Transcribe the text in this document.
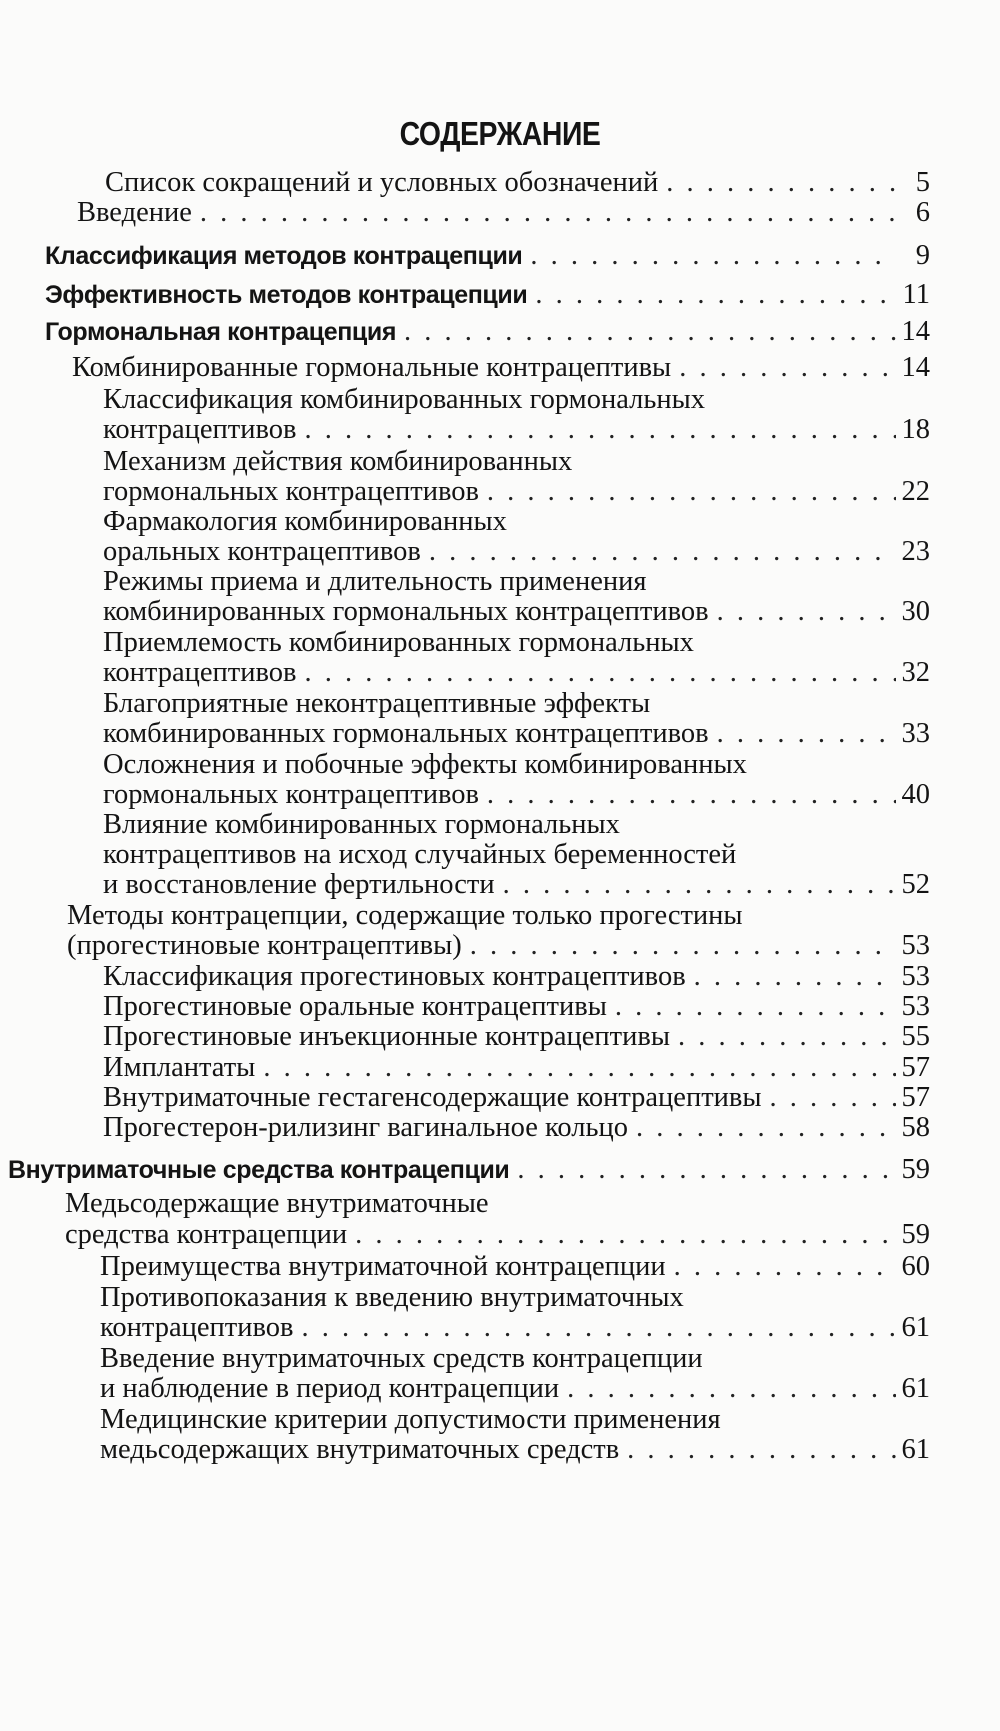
СОДЕРЖАНИЕ
Список сокращений и условных обозначений . . .	5
Введение . . .	6
Классификация методов контрацепции . . .	9
Эффективность методов контрацепции . . .	11
Гормональная контрацепция . . .	14
Комбинированные гормональные контрацептивы . . .	14
Классификация комбинированных гормональных
контрацептивов . . .	18
Механизм действия комбинированных
гормональных контрацептивов . . .	22
Фармакология комбинированных
оральных контрацептивов . . .	23
Режимы приема и длительность применения
комбинированных гормональных контрацептивов . . .	30
Приемлемость комбинированных гормональных
контрацептивов . . .	32
Благоприятные неконтрацептивные эффекты
комбинированных гормональных контрацептивов . . .	33
Осложнения и побочные эффекты комбинированных
гормональных контрацептивов . . .	40
Влияние комбинированных гормональных
контрацептивов на исход случайных беременностей
и восстановление фертильности . . .	52
Методы контрацепции, содержащие только прогестины
(прогестиновые контрацептивы) . . .	53
Классификация прогестиновых контрацептивов . . .	53
Прогестиновые оральные контрацептивы . . .	53
Прогестиновые инъекционные контрацептивы . . .	55
Имплантаты . . .	57
Внутриматочные гестагенсодержащие контрацептивы . . .	57
Прогестерон-рилизинг вагинальное кольцо . . .	58
Внутриматочные средства контрацепции . . .	59
Медьсодержащие внутриматочные
средства контрацепции . . .	59
Преимущества внутриматочной контрацепции . . .	60
Противопоказания к введению внутриматочных
контрацептивов . . .	61
Введение внутриматочных средств контрацепции
и наблюдение в период контрацепции . . .	61
Медицинские критерии допустимости применения
медьсодержащих внутриматочных средств . . .	61
